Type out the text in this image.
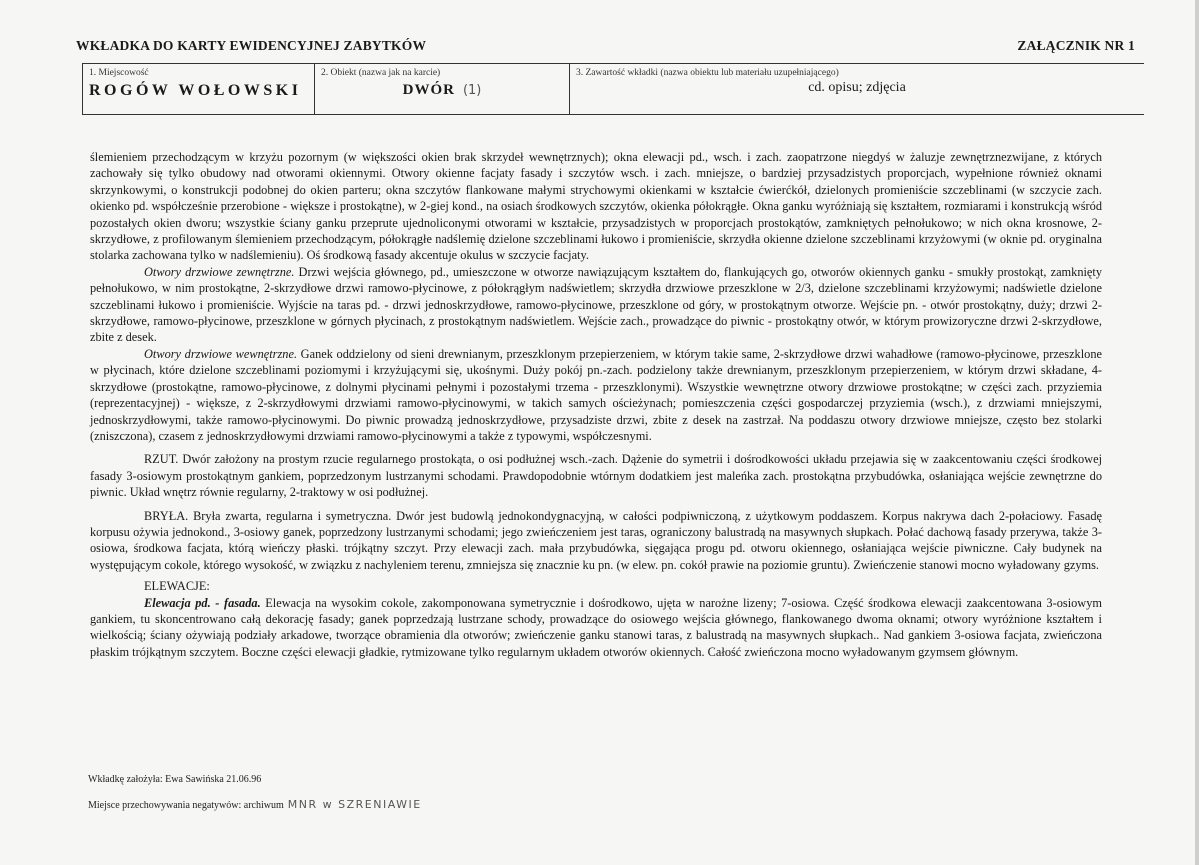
WKŁADKA DO KARTY EWIDENCYJNEJ ZABYTKÓW	ZAŁĄCZNIK NR 1
1. Miejscowość
ROGÓW WOŁOWSKI
2. Obiekt (nazwa jak na karcie)
DWÓR (1)
3. Zawartość wkładki (nazwa obiektu lub materiału uzupełniającego)
cd. opisu; zdjęcia

ślemieniem przechodzącym w krzyżu pozornym (w większości okien brak skrzydeł wewnętrznych); okna elewacji pd., wsch. i zach. zaopatrzone niegdyś w żaluzje zewnętrznezwijane, z których zachowały się tylko obudowy nad otworami okiennymi. Otwory okienne facjaty fasady i szczytów wsch. i zach. mniejsze, o bardziej przysadzistych proporcjach, wypełnione również oknami skrzynkowymi, o konstrukcji podobnej do okien parteru; okna szczytów flankowane małymi strychowymi okienkami w kształcie ćwierćkół, dzielonych promieniście szczeblinami (w szczycie zach. okienko pd. współcześnie przerobione - większe i prostokątne), w 2-giej kond., na osiach środkowych szczytów, okienka półokrągłe. Okna ganku wyróżniają się kształtem, rozmiarami i konstrukcją wśród pozostałych okien dworu; wszystkie ściany ganku przeprute ujednoliconymi otworami w kształcie, przysadzistych w proporcjach prostokątów, zamkniętych pełnołukowo; w nich okna krosnowe, 2-skrzydłowe, z profilowanym ślemieniem przechodzącym, półokrągłe nadślemię dzielone szczeblinami łukowo i promieniście, skrzydła okienne dzielone szczeblinami krzyżowymi (w oknie pd. oryginalna stolarka zachowana tylko w nadślemieniu). Oś środkową fasady akcentuje okulus w szczycie facjaty.

Otwory drzwiowe zewnętrzne. Drzwi wejścia głównego, pd., umieszczone w otworze nawiązującym kształtem do, flankujących go, otworów okiennych ganku - smukły prostokąt, zamknięty pełnołukowo, w nim prostokątne, 2-skrzydłowe drzwi ramowo-płycinowe, z półokrągłym nadświetlem; skrzydła drzwiowe przeszklone w 2/3, dzielone szczeblinami krzyżowymi; nadświetle dzielone szczeblinami łukowo i promieniście. Wyjście na taras pd. - drzwi jednoskrzydłowe, ramowo-płycinowe, przeszklone od góry, w prostokątnym otworze. Wejście pn. - otwór prostokątny, duży; drzwi 2-skrzydłowe, ramowo-płycinowe, przeszklone w górnych płycinach, z prostokątnym nadświetlem. Wejście zach., prowadzące do piwnic - prostokątny otwór, w którym prowizoryczne drzwi 2-skrzydłowe, zbite z desek.

Otwory drzwiowe wewnętrzne. Ganek oddzielony od sieni drewnianym, przeszklonym przepierzeniem, w którym takie same, 2-skrzydłowe drzwi wahadłowe (ramowo-płycinowe, przeszklone w płycinach, które dzielone szczeblinami poziomymi i krzyżującymi się, ukośnymi. Duży pokój pn.-zach. podzielony także drewnianym, przeszklonym przepierzeniem, w którym drzwi składane, 4-skrzydłowe (prostokątne, ramowo-płycinowe, z dolnymi płycinami pełnymi i pozostałymi trzema - przeszklonymi). Wszystkie wewnętrzne otwory drzwiowe prostokątne; w części zach. przyziemia (reprezentacyjnej) - większe, z 2-skrzydłowymi drzwiami ramowo-płycinowymi, w takich samych ościeżynach; pomieszczenia części gospodarczej przyziemia (wsch.), z drzwiami mniejszymi, jednoskrzydłowymi, także ramowo-płycinowymi. Do piwnic prowadzą jednoskrzydłowe, przysadziste drzwi, zbite z desek na zastrzał. Na poddaszu otwory drzwiowe mniejsze, często bez stolarki (zniszczona), czasem z jednoskrzydłowymi drzwiami ramowo-płycinowymi a także z typowymi, współczesnymi.

RZUT. Dwór założony na prostym rzucie regularnego prostokąta, o osi podłużnej wsch.-zach. Dążenie do symetrii i dośrodkowości układu przejawia się w zaakcentowaniu części środkowej fasady 3-osiowym prostokątnym gankiem, poprzedzonym lustrzanymi schodami. Prawdopodobnie wtórnym dodatkiem jest maleńka zach. prostokątna przybudówka, osłaniająca wejście zewnętrzne do piwnic. Układ wnętrz równie regularny, 2-traktowy w osi podłużnej.

BRYŁA. Bryła zwarta, regularna i symetryczna. Dwór jest budowlą jednokondygnacyjną, w całości podpiwniczoną, z użytkowym poddaszem. Korpus nakrywa dach 2-połaciowy. Fasadę korpusu ożywia jednokond., 3-osiowy ganek, poprzedzony lustrzanymi schodami; jego zwieńczeniem jest taras, ograniczony balustradą na masywnych słupkach. Połać dachową fasady przerywa, także 3-osiowa, środkowa facjata, którą wieńczy płaski. trójkątny szczyt. Przy elewacji zach. mała przybudówka, sięgająca progu pd. otworu okiennego, osłaniająca wejście piwniczne. Cały budynek na występującym cokole, którego wysokość, w związku z nachyleniem terenu, zmniejsza się znacznie ku pn. (w elew. pn. cokół prawie na poziomie gruntu). Zwieńczenie stanowi mocno wyładowany gzyms.

ELEWACJE:

Elewacja pd. - fasada. Elewacja na wysokim cokole, zakomponowana symetrycznie i dośrodkowo, ujęta w narożne lizeny; 7-osiowa. Część środkowa elewacji zaakcentowana 3-osiowym gankiem, tu skoncentrowano całą dekorację fasady; ganek poprzedzają lustrzane schody, prowadzące do osiowego wejścia głównego, flankowanego dwoma oknami; otwory wyróżnione kształtem i wielkością; ściany ożywiają podziały arkadowe, tworzące obramienia dla otworów; zwieńczenie ganku stanowi taras, z balustradą na masywnych słupkach.. Nad gankiem 3-osiowa facjata, zwieńczona płaskim trójkątnym szczytem. Boczne części elewacji gładkie, rytmizowane tylko regularnym układem otworów okiennych. Całość zwieńczona mocno wyładowanym gzymsem głównym.

Wkładkę założyła: Ewa Sawińska 21.06.96
Miejsce przechowywania negatywów: archiwum MNR w SZRENIAWIE
